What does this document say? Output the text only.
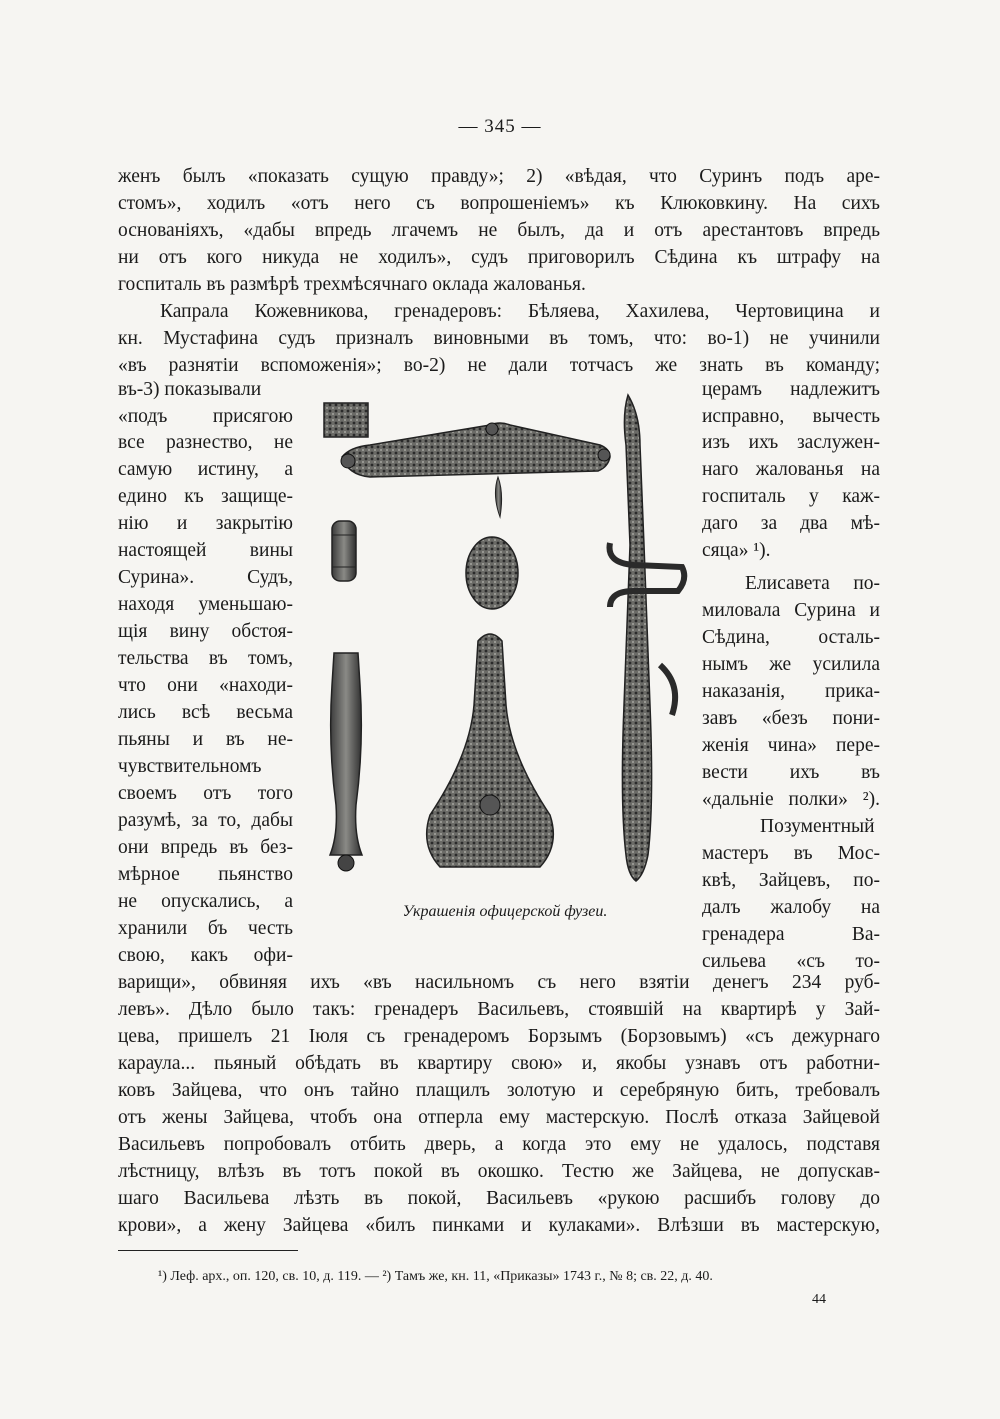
— 345 —
женъ былъ «показать сущую правду»; 2) «вѣдая, что Суринъ подъ аре-
стомъ», ходилъ «отъ него съ вопрошеніемъ» къ Клюковкину. На сихъ
основаніяхъ, «дабы впредь лгачемъ не былъ, да и отъ арестантовъ впредь
ни отъ кого никуда не ходилъ», судъ приговорилъ Сѣдина къ штрафу на
госпиталь въ размѣрѣ трехмѣсячнаго оклада жалованья.
Капрала Кожевникова, гренадеровъ: Бѣляева, Хахилева, Чертовицина и
кн. Мустафина судъ призналъ виновными въ томъ, что: во-1) не учинили
«въ разнятіи вспоможенія»; во-2) не дали тотчасъ же знать въ команду;
въ-3) показывали
«подъ присягою
все разнество, не
самую истину, а
едино къ защище-
нію и закрытію
настоящей вины
Сурина». Судъ,
находя уменьшаю-
щія вину обстоя-
тельства въ томъ,
что они «находи-
лись всѣ весьма
пьяны и въ не-
чувствительномъ
своемъ отъ того
разумѣ, за то, дабы
они впредь въ без-
мѣрное пьянство
не опускались, а
хранили бъ честь
свою, какъ офи-
церамъ надлежитъ
исправно, вычесть
изъ ихъ заслужен-
наго жалованья на
госпиталь у каж-
даго за два мѣ-
сяца» ¹).
Елисавета по-
миловала Сурина и
Сѣдина, осталь-
нымъ же усилила
наказанія, прика-
завъ «безъ пони-
женія чина» пере-
вести ихъ въ
«дальніе полки» ²).
Позументный
мастеръ въ Мос-
квѣ, Зайцевъ, по-
далъ жалобу на
гренадера Ва-
сильева «съ то-
Украшенія офицерской фузеи.
варищи», обвиняя ихъ «въ насильномъ съ него взятіи денегъ 234 руб-
левъ». Дѣло было такъ: гренадеръ Васильевъ, стоявшій на квартирѣ у Зай-
цева, пришелъ 21 Іюля съ гренадеромъ Борзымъ (Борзовымъ) «съ дежурнаго
караула... пьяный обѣдать въ квартиру свою» и, якобы узнавъ отъ работни-
ковъ Зайцева, что онъ тайно плащилъ золотую и серебряную бить, требовалъ
отъ жены Зайцева, чтобъ она отперла ему мастерскую. Послѣ отказа Зайцевой
Васильевъ попробовалъ отбить дверь, а когда это ему не удалось, подставя
лѣстницу, влѣзъ въ тотъ покой въ окошко. Тестю же Зайцева, не допускав-
шаго Васильева лѣзть въ покой, Васильевъ «рукою расшибъ голову до
крови», а жену Зайцева «билъ пинками и кулаками». Влѣзши въ мастерскую,
¹) Леф. арх., оп. 120, св. 10, д. 119. — ²) Тамъ же, кн. 11, «Приказы» 1743 г., № 8; св. 22, д. 40.
44
